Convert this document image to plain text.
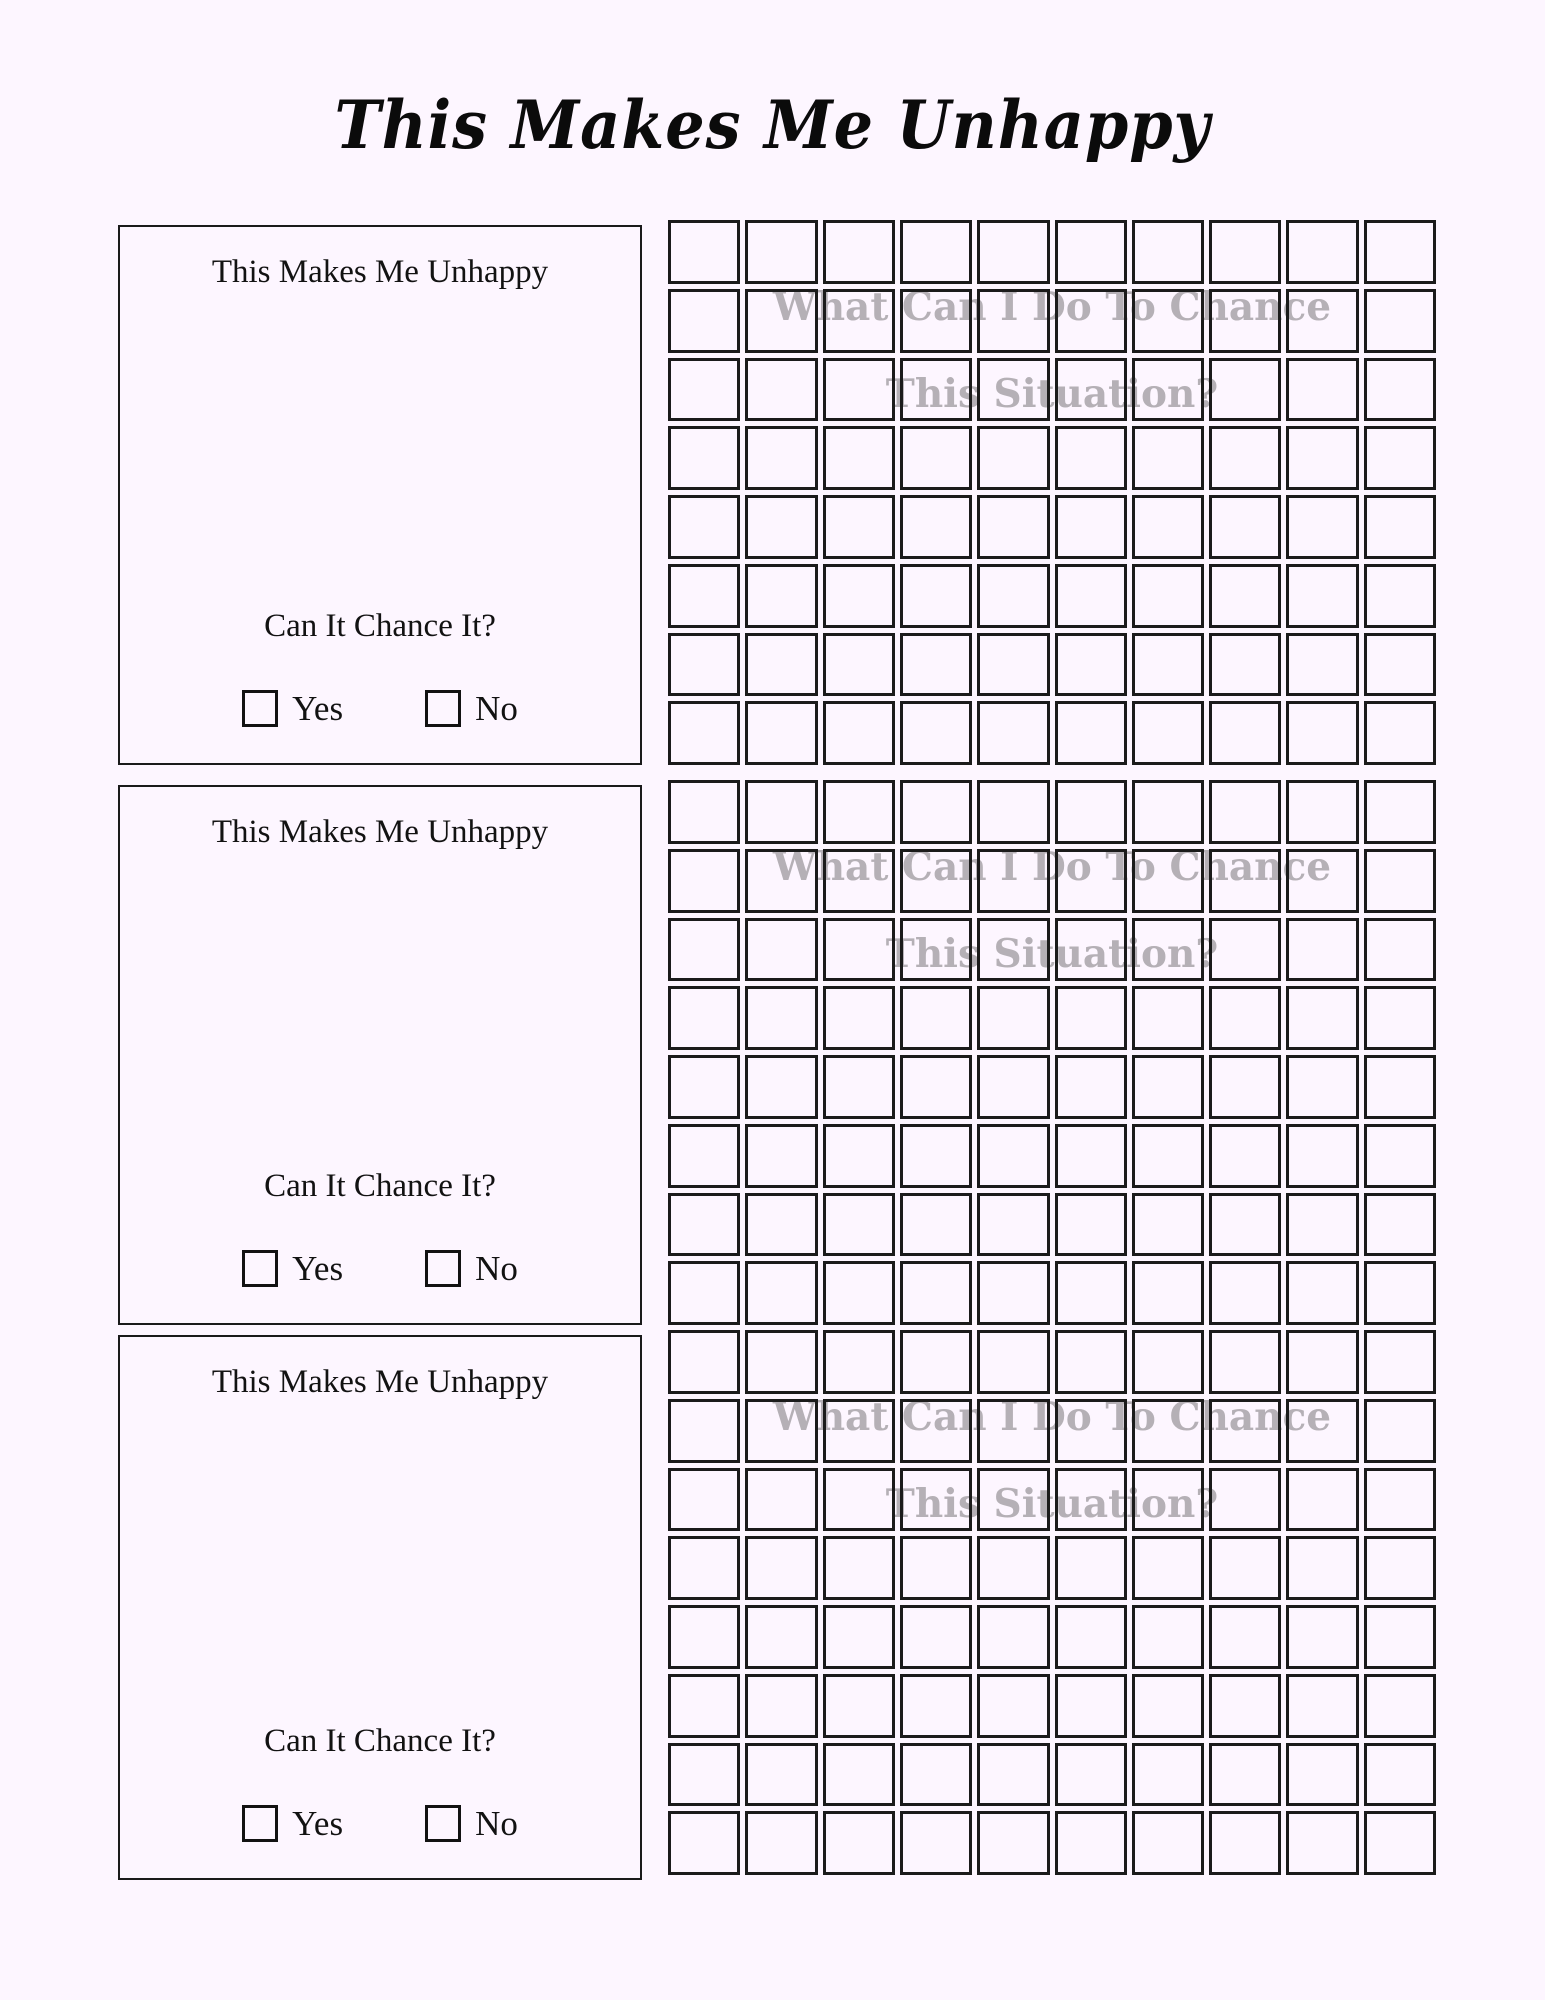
This Makes Me Unhappy
This Makes Me Unhappy
Can It Chance It?
Yes	No

What Can I Do To Chance

This Situation?

This Makes Me Unhappy
Can It Chance It?
Yes	No

What Can I Do To Chance

This Situation?

This Makes Me Unhappy
Can It Chance It?
Yes	No

What Can I Do To Chance

This Situation?
